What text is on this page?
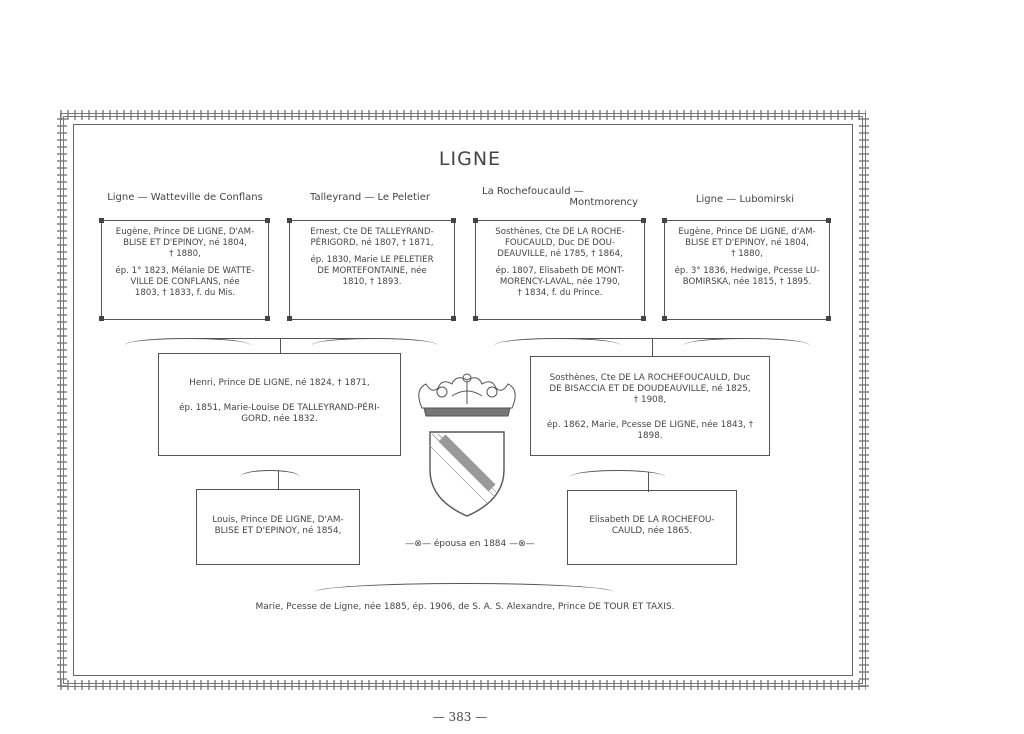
LIGNE
Ligne — Watteville de Conflans	Talleyrand — Le Peletier
La Rochefoucauld —
Montmorency	Ligne — Lubomirski
Eugène, Prince DE LIGNE, D'AM-
BLISE ET D'EPINOY, né 1804,

† 1880,

ép. 1° 1823, Mélanie DE WATTE-
VILLE DE CONFLANS, née
1803, † 1833, f. du Mis.
Ernest, Cte DE TALLEYRAND-

PÉRIGORD, né 1807, † 1871,

ép. 1830, Marie LE PELETIER
DE MORTEFONTAINE, née
1810, † 1893.
Sosthènes, Cte DE LA ROCHE-
FOUCAULD, Duc DE DOU-

DEAUVILLE, né 1785, † 1864,

ép. 1807, Elisabeth DE MONT-
MORENCY-LAVAL, née 1790,
† 1834, f. du Prince.
Eugène, Prince DE LIGNE, d'AM-
BLISE ET D'EPINOY, né 1804,

† 1880,

ép. 3° 1836, Hedwige, Pcesse LU-
BOMIRSKA, née 1815, † 1895.

Henri, Prince DE LIGNE, né 1824, † 1871,

ép. 1851, Marie-Louise DE TALLEYRAND-PÉRI-
GORD, née 1832.
Sosthènes, Cte DE LA ROCHEFOUCAULD, Duc
DE BISACCIA ET DE DOUDEAUVILLE, né 1825,

† 1908,

ép. 1862, Marie, Pcesse DE LIGNE, née 1843, † 1898.
Louis, Prince DE LIGNE, D'AM-
BLISE ET D'EPINOY, né 1854,
Elisabeth DE LA ROCHEFOU-
CAULD, née 1865.
—⊗— épousa en 1884 —⊗—
Marie, Pcesse de Ligne, née 1885, ép. 1906, de S. A. S. Alexandre, Prince DE TOUR ET TAXIS.
— 383 —
